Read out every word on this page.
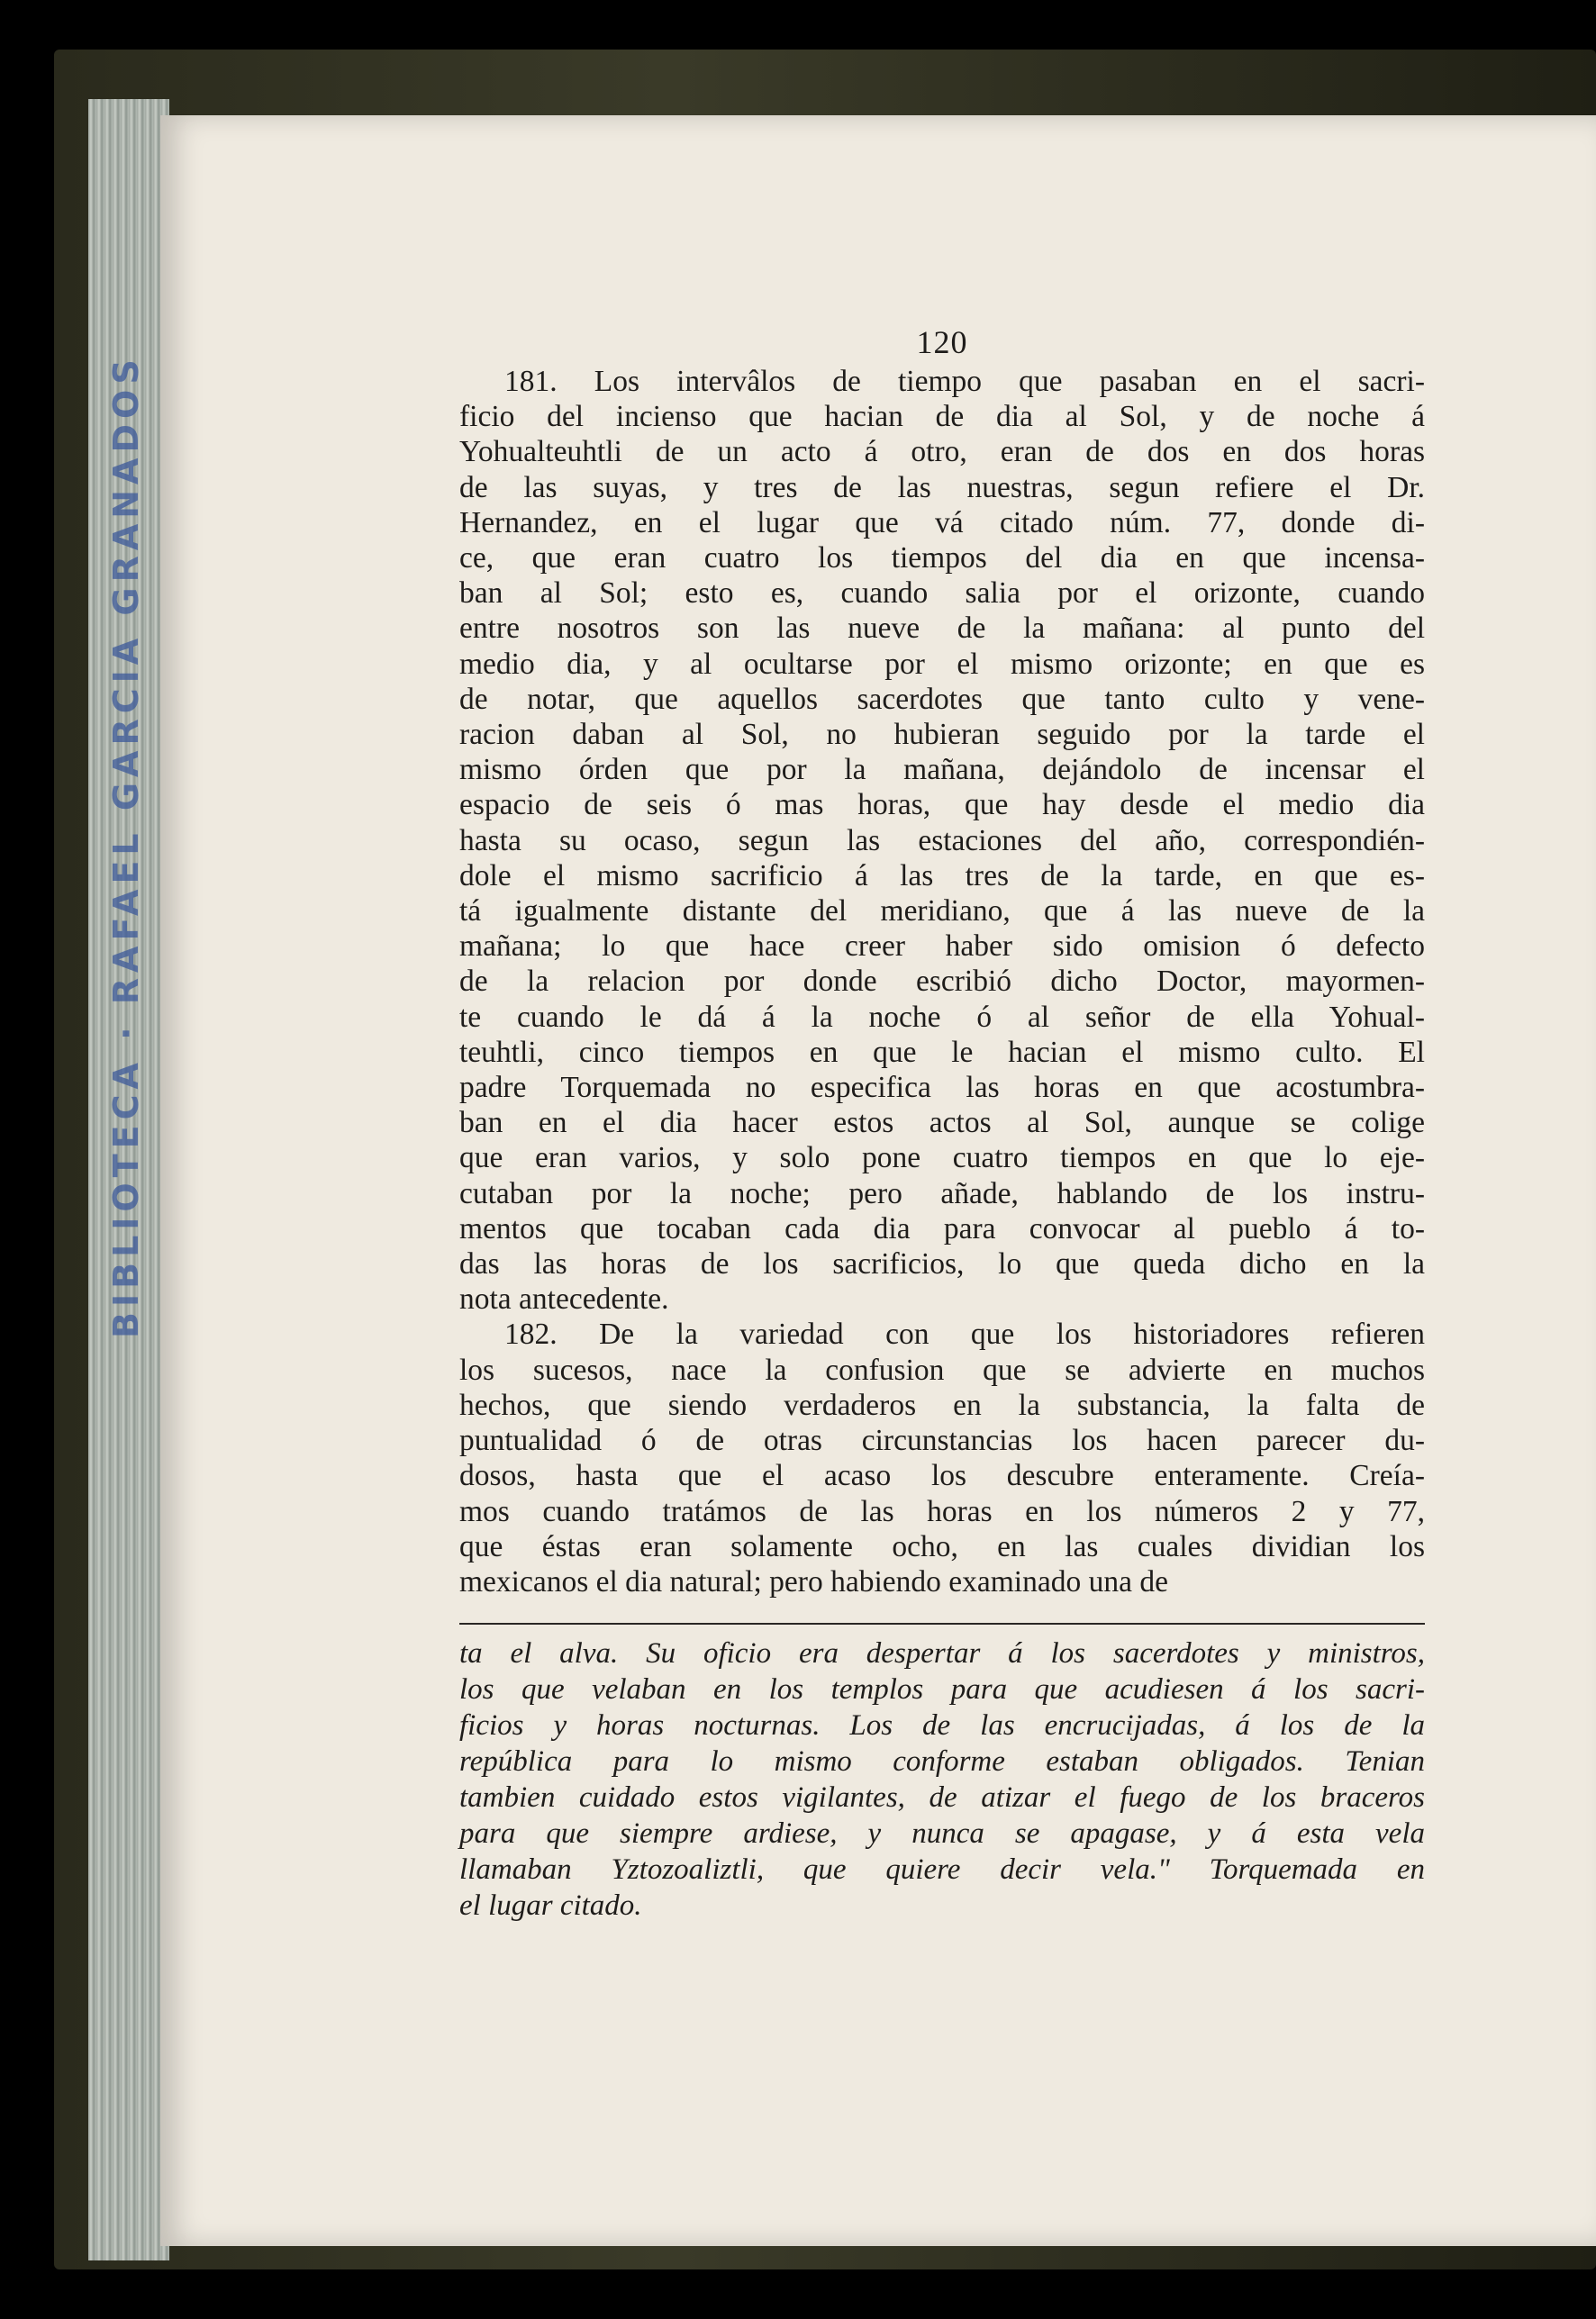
BIBLIOTECA · RAFAEL GARCIA GRANADOS
120
181. Los intervâlos de tiempo que pasaban en el sacri-
ficio del incienso que hacian de dia al Sol, y de noche á
Yohualteuhtli de un acto á otro, eran de dos en dos horas
de las suyas, y tres de las nuestras, segun refiere el Dr.
Hernandez, en el lugar que vá citado núm. 77, donde di-
ce, que eran cuatro los tiempos del dia en que incensa-
ban al Sol; esto es, cuando salia por el orizonte, cuando
entre nosotros son las nueve de la mañana: al punto del
medio dia, y al ocultarse por el mismo orizonte; en que es
de notar, que aquellos sacerdotes que tanto culto y vene-
racion daban al Sol, no hubieran seguido por la tarde el
mismo órden que por la mañana, dejándolo de incensar el
espacio de seis ó mas horas, que hay desde el medio dia
hasta su ocaso, segun las estaciones del año, correspondién-
dole el mismo sacrificio á las tres de la tarde, en que es-
tá igualmente distante del meridiano, que á las nueve de la
mañana; lo que hace creer haber sido omision ó defecto
de la relacion por donde escribió dicho Doctor, mayormen-
te cuando le dá á la noche ó al señor de ella Yohual-
teuhtli, cinco tiempos en que le hacian el mismo culto. El
padre Torquemada no especifica las horas en que acostumbra-
ban en el dia hacer estos actos al Sol, aunque se colige
que eran varios, y solo pone cuatro tiempos en que lo eje-
cutaban por la noche; pero añade, hablando de los instru-
mentos que tocaban cada dia para convocar al pueblo á to-
das las horas de los sacrificios, lo que queda dicho en la
nota antecedente.
182. De la variedad con que los historiadores refieren
los sucesos, nace la confusion que se advierte en muchos
hechos, que siendo verdaderos en la substancia, la falta de
puntualidad ó de otras circunstancias los hacen parecer du-
dosos, hasta que el acaso los descubre enteramente. Creía-
mos cuando tratámos de las horas en los números 2 y 77,
que éstas eran solamente ocho, en las cuales dividian los
mexicanos el dia natural; pero habiendo examinado una de
ta el alva. Su oficio era despertar á los sacerdotes y ministros,
los que velaban en los templos para que acudiesen á los sacri-
ficios y horas nocturnas. Los de las encrucijadas, á los de la
república para lo mismo conforme estaban obligados. Tenian
tambien cuidado estos vigilantes, de atizar el fuego de los braceros
para que siempre ardiese, y nunca se apagase, y á esta vela
llamaban Yztozoaliztli, que quiere decir vela." Torquemada en
el lugar citado.
